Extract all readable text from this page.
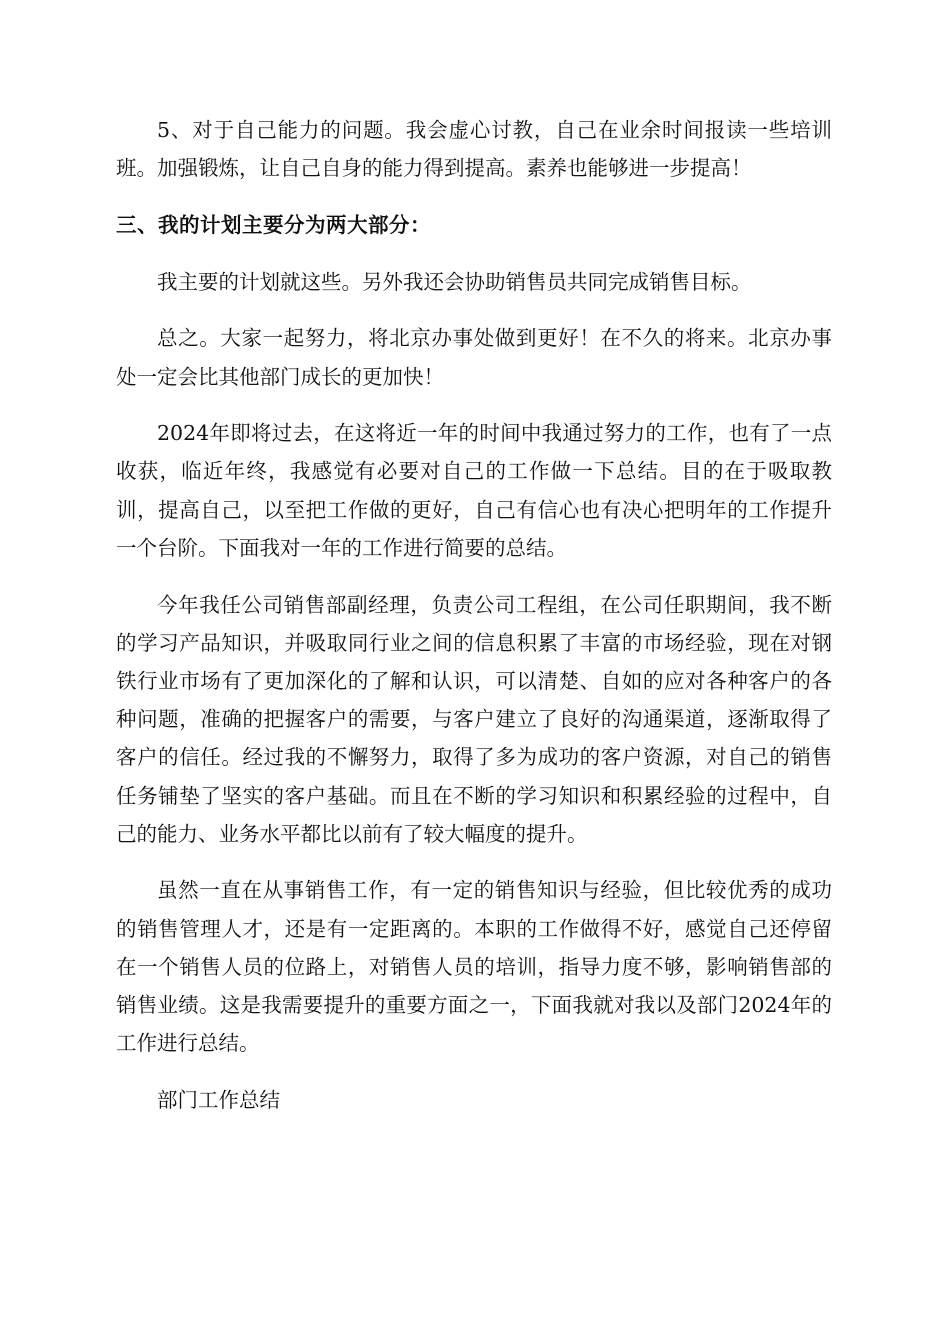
5、对于自己能力的问题。我会虚心讨教，自己在业余时间报读一些培训班。加强锻炼，让自己自身的能力得到提高。素养也能够进一步提高！

三、我的计划主要分为两大部分：

我主要的计划就这些。另外我还会协助销售员共同完成销售目标。

总之。大家一起努力，将北京办事处做到更好！在不久的将来。北京办事处一定会比其他部门成长的更加快！

2024年即将过去，在这将近一年的时间中我通过努力的工作，也有了一点收获，临近年终，我感觉有必要对自己的工作做一下总结。目的在于吸取教训，提高自己，以至把工作做的更好，自己有信心也有决心把明年的工作提升一个台阶。下面我对一年的工作进行简要的总结。

今年我任公司销售部副经理，负责公司工程组，在公司任职期间，我不断的学习产品知识，并吸取同行业之间的信息积累了丰富的市场经验，现在对钢铁行业市场有了更加深化的了解和认识，可以清楚、自如的应对各种客户的各种问题，准确的把握客户的需要，与客户建立了良好的沟通渠道，逐渐取得了客户的信任。经过我的不懈努力，取得了多为成功的客户资源，对自己的销售任务铺垫了坚实的客户基础。而且在不断的学习知识和积累经验的过程中，自己的能力、业务水平都比以前有了较大幅度的提升。

虽然一直在从事销售工作，有一定的销售知识与经验，但比较优秀的成功的销售管理人才，还是有一定距离的。本职的工作做得不好，感觉自己还停留在一个销售人员的位路上，对销售人员的培训，指导力度不够，影响销售部的销售业绩。这是我需要提升的重要方面之一，下面我就对我以及部门2024年的工作进行总结。

部门工作总结
